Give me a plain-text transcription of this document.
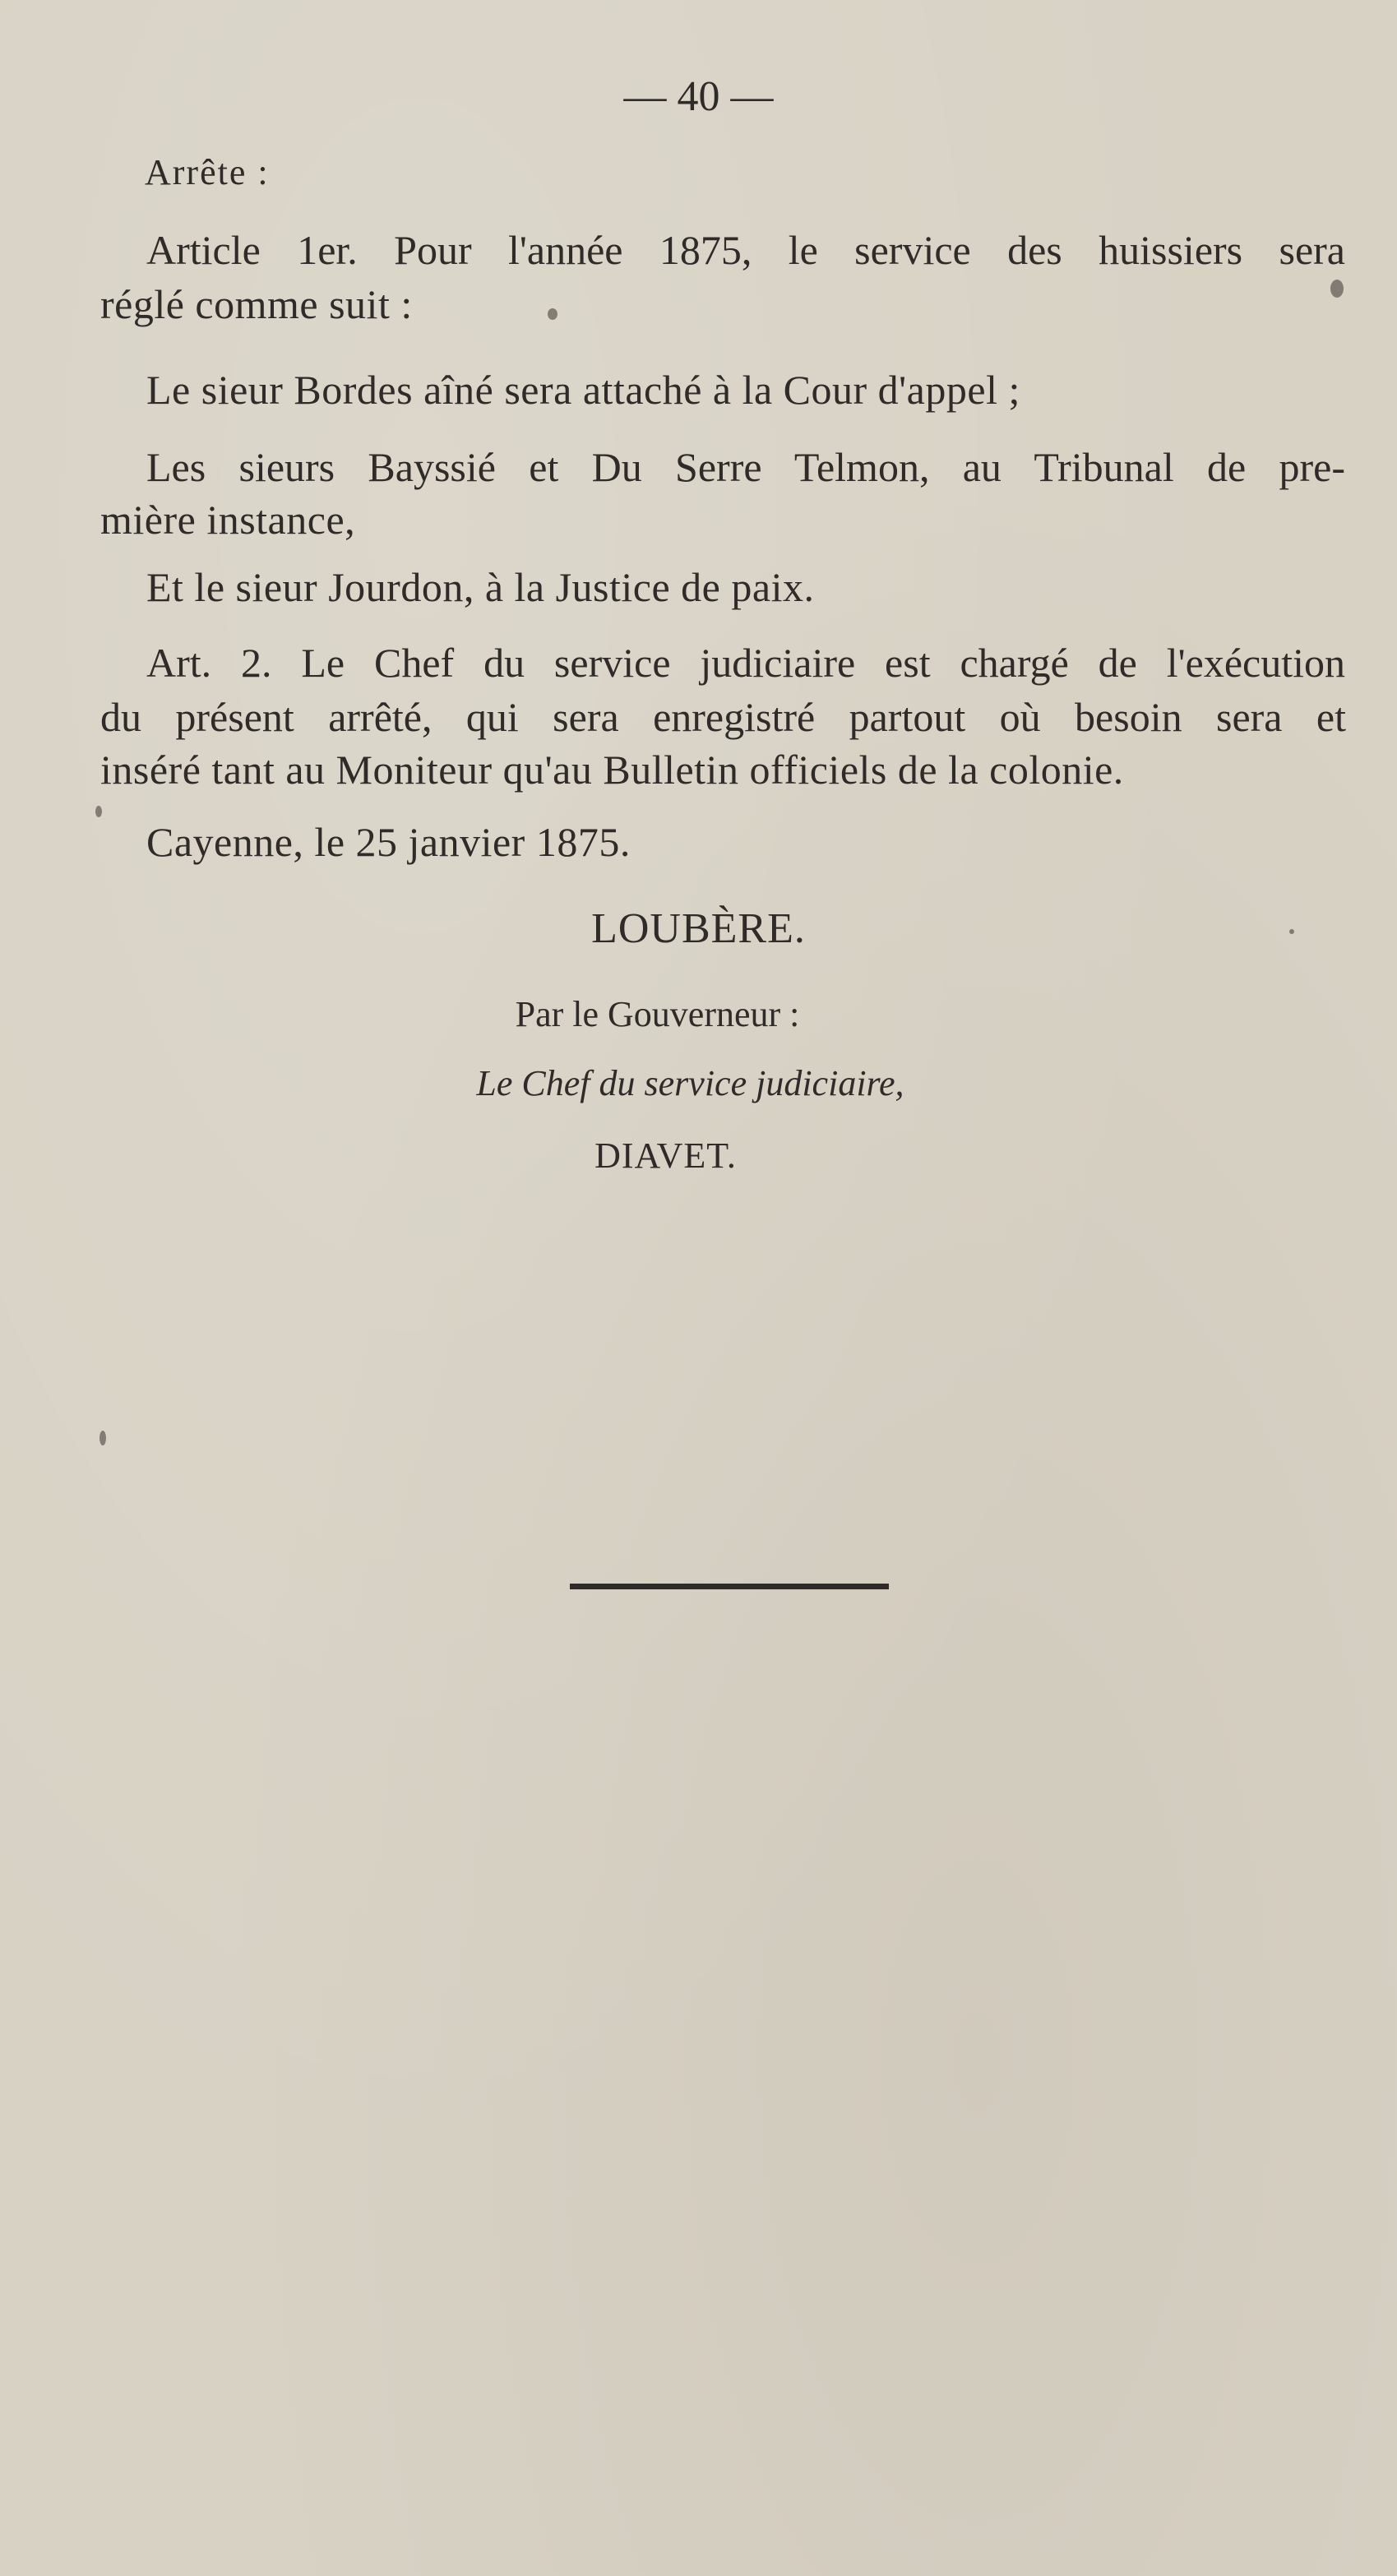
— 40 —
Arrête :
Article 1er. Pour l'année 1875, le service des huissiers sera
réglé comme suit :
Le sieur Bordes aîné sera attaché à la Cour d'appel ;
Les sieurs Bayssié et Du Serre Telmon, au Tribunal de pre-
mière instance,
Et le sieur Jourdon, à la Justice de paix.
Art. 2. Le Chef du service judiciaire est chargé de l'exécution
du présent arrêté, qui sera enregistré partout où besoin sera et
inséré tant au Moniteur qu'au Bulletin officiels de la colonie.
Cayenne, le 25 janvier 1875.
LOUBÈRE.
Par le Gouverneur :
Le Chef du service judiciaire,
DIAVET.
